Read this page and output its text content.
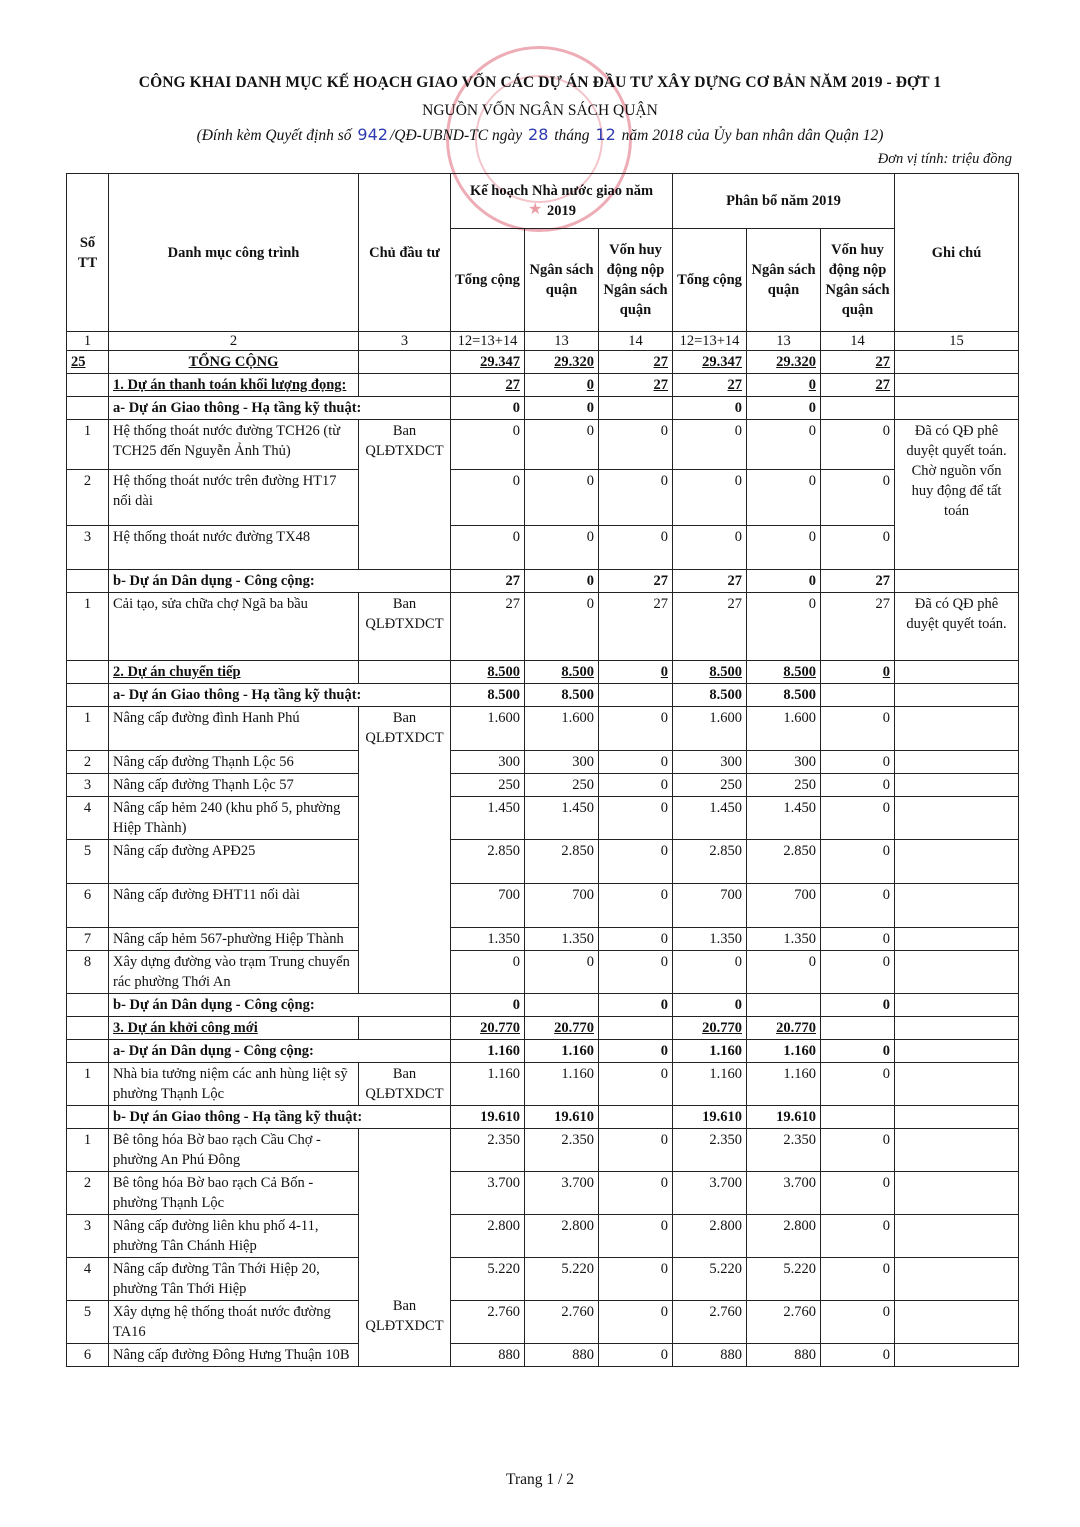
★
CÔNG KHAI DANH MỤC KẾ HOẠCH GIAO VỐN CÁC DỰ ÁN ĐẦU TƯ XÂY DỰNG CƠ BẢN NĂM 2019 - ĐỢT 1
NGUỒN VỐN NGÂN SÁCH QUẬN
(Đính kèm Quyết định số 942 /QĐ-UBND-TC ngày 28 tháng 12 năm 2018 của Ủy ban nhân dân Quận 12)
Đơn vị tính: triệu đồng
Số TT	Danh mục công trình	Chủ đầu tư	Kế hoạch Nhà nước giao năm 2019			Phân bổ năm 2019			Ghi chú
			Tổng cộng	Ngân sách quận	Vốn huy động nộp Ngân sách quận	Tổng cộng	Ngân sách quận	Vốn huy động nộp Ngân sách quận	
1	2	3	12=13+14	13	14	12=13+14	13	14	15
25	TỔNG CỘNG		29.347	29.320	27	29.347	29.320	27	
	1. Dự án thanh toán khối lượng đọng:		27	0	27	27	0	27	
	a- Dự án Giao thông - Hạ tầng kỹ thuật:		0	0		0	0		
1	Hệ thống thoát nước đường TCH26 (từ TCH25 đến Nguyễn Ảnh Thủ)	Ban QLĐTXDCT	0	0	0	0	0	0	Đã có QĐ phê duyệt quyết toán. Chờ nguồn vốn huy động để tất toán
2	Hệ thống thoát nước trên đường HT17 nối dài		0	0	0	0	0	0	
3	Hệ thống thoát nước đường TX48		0	0	0	0	0	0	
	b- Dự án Dân dụng - Công cộng:		27	0	27	27	0	27	
1	Cải tạo, sửa chữa chợ Ngã ba bầu	Ban QLĐTXDCT	27	0	27	27	0	27	Đã có QĐ phê duyệt quyết toán.
	2. Dự án chuyển tiếp		8.500	8.500	0	8.500	8.500	0	
	a- Dự án Giao thông - Hạ tầng kỹ thuật:		8.500	8.500		8.500	8.500		
1	Nâng cấp đường đình Hanh Phú	Ban QLĐTXDCT	1.600	1.600	0	1.600	1.600	0	
2	Nâng cấp đường Thạnh Lộc 56		300	300	0	300	300	0	
3	Nâng cấp đường Thạnh Lộc 57		250	250	0	250	250	0	
4	Nâng cấp hẻm 240 (khu phố 5, phường Hiệp Thành)		1.450	1.450	0	1.450	1.450	0	
5	Nâng cấp đường APĐ25		2.850	2.850	0	2.850	2.850	0	
6	Nâng cấp đường ĐHT11 nối dài		700	700	0	700	700	0	
7	Nâng cấp hẻm 567-phường Hiệp Thành		1.350	1.350	0	1.350	1.350	0	
8	Xây dựng đường vào trạm Trung chuyển rác phường Thới An		0	0	0	0	0	0	
	b- Dự án Dân dụng - Công cộng:		0		0	0		0	
	3. Dự án khởi công mới		20.770	20.770		20.770	20.770		
	a- Dự án Dân dụng - Công cộng:		1.160	1.160	0	1.160	1.160	0	
1	Nhà bia tưởng niệm các anh hùng liệt sỹ phường Thạnh Lộc	Ban QLĐTXDCT	1.160	1.160	0	1.160	1.160	0	
	b- Dự án Giao thông - Hạ tầng kỹ thuật:		19.610	19.610		19.610	19.610		
1	Bê tông hóa Bờ bao rạch Cầu Chợ - phường An Phú Đông	Ban QLĐTXDCT	2.350	2.350	0	2.350	2.350	0	
2	Bê tông hóa Bờ bao rạch Cả Bốn - phường Thạnh Lộc		3.700	3.700	0	3.700	3.700	0	
3	Nâng cấp đường liên khu phố 4-11, phường Tân Chánh Hiệp		2.800	2.800	0	2.800	2.800	0	
4	Nâng cấp đường Tân Thới Hiệp 20, phường Tân Thới Hiệp		5.220	5.220	0	5.220	5.220	0	
5	Xây dựng hệ thống thoát nước đường TA16		2.760	2.760	0	2.760	2.760	0	
6	Nâng cấp đường Đông Hưng Thuận 10B		880	880	0	880	880	0	
Trang 1 / 2
